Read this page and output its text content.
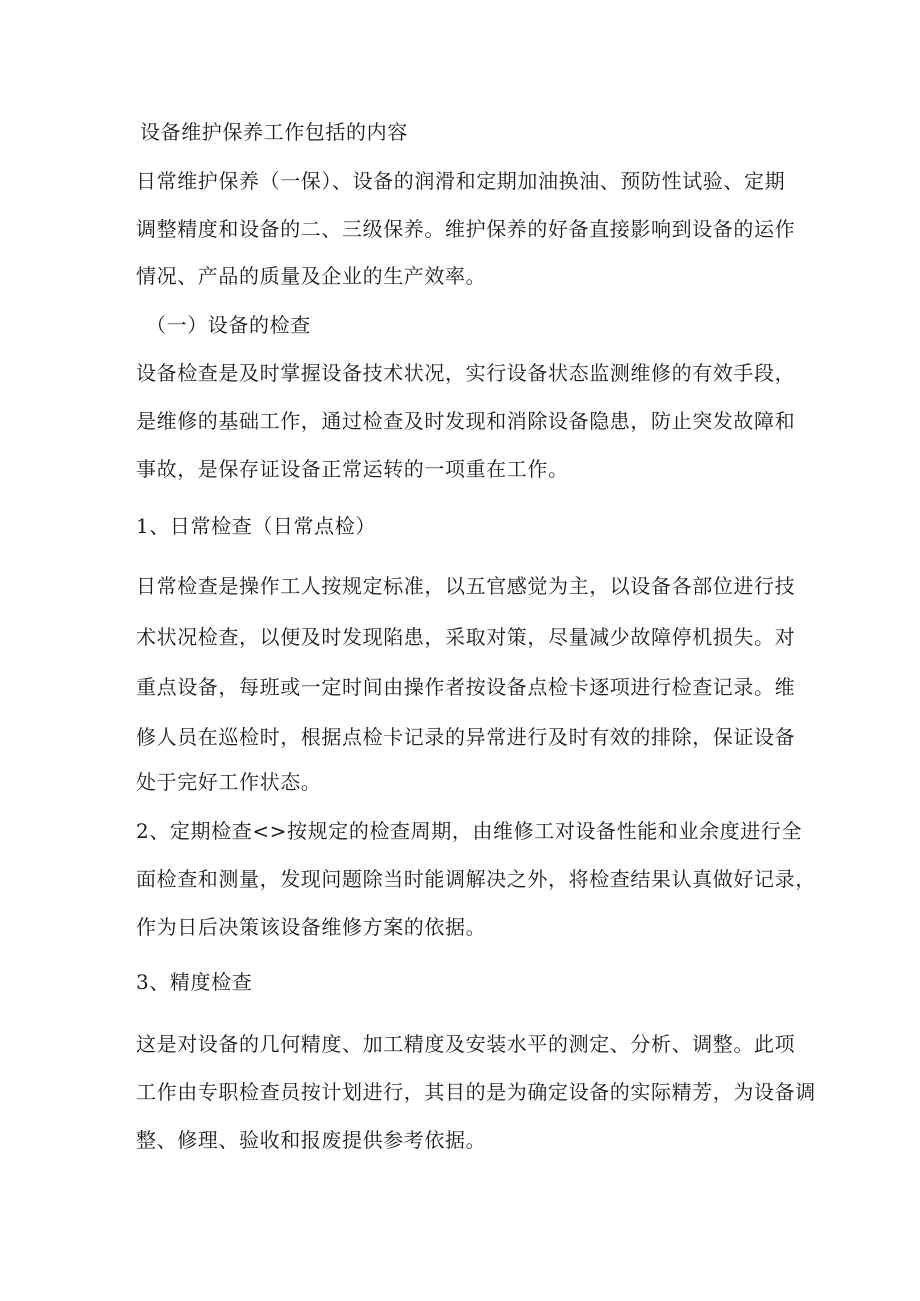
设备维护保养工作包括的内容
日常维护保养（一保）、设备的润滑和定期加油换油、预防性试验、定期
调整精度和设备的二、三级保养。维护保养的好备直接影响到设备的运作
情况、产品的质量及企业的生产效率。
（一）设备的检查
设备检查是及时掌握设备技术状况，实行设备状态监测维修的有效手段，
是维修的基础工作，通过检查及时发现和消除设备隐患，防止突发故障和
事故，是保存证设备正常运转的一项重在工作。
1、日常检查（日常点检）
日常检查是操作工人按规定标准，以五官感觉为主，以设备各部位进行技
术状况检查，以便及时发现陷患，采取对策，尽量减少故障停机损失。对
重点设备，每班或一定时间由操作者按设备点检卡逐项进行检查记录。维
修人员在巡检时，根据点检卡记录的异常进行及时有效的排除，保证设备
处于完好工作状态。
2、定期检查<>按规定的检查周期，由维修工对设备性能和业余度进行全
面检查和测量，发现问题除当时能调解决之外，将检查结果认真做好记录，
作为日后决策该设备维修方案的依据。
3、精度检查
这是对设备的几何精度、加工精度及安装水平的测定、分析、调整。此项
工作由专职检查员按计划进行，其目的是为确定设备的实际精芳，为设备调
整、修理、验收和报废提供参考依据。
